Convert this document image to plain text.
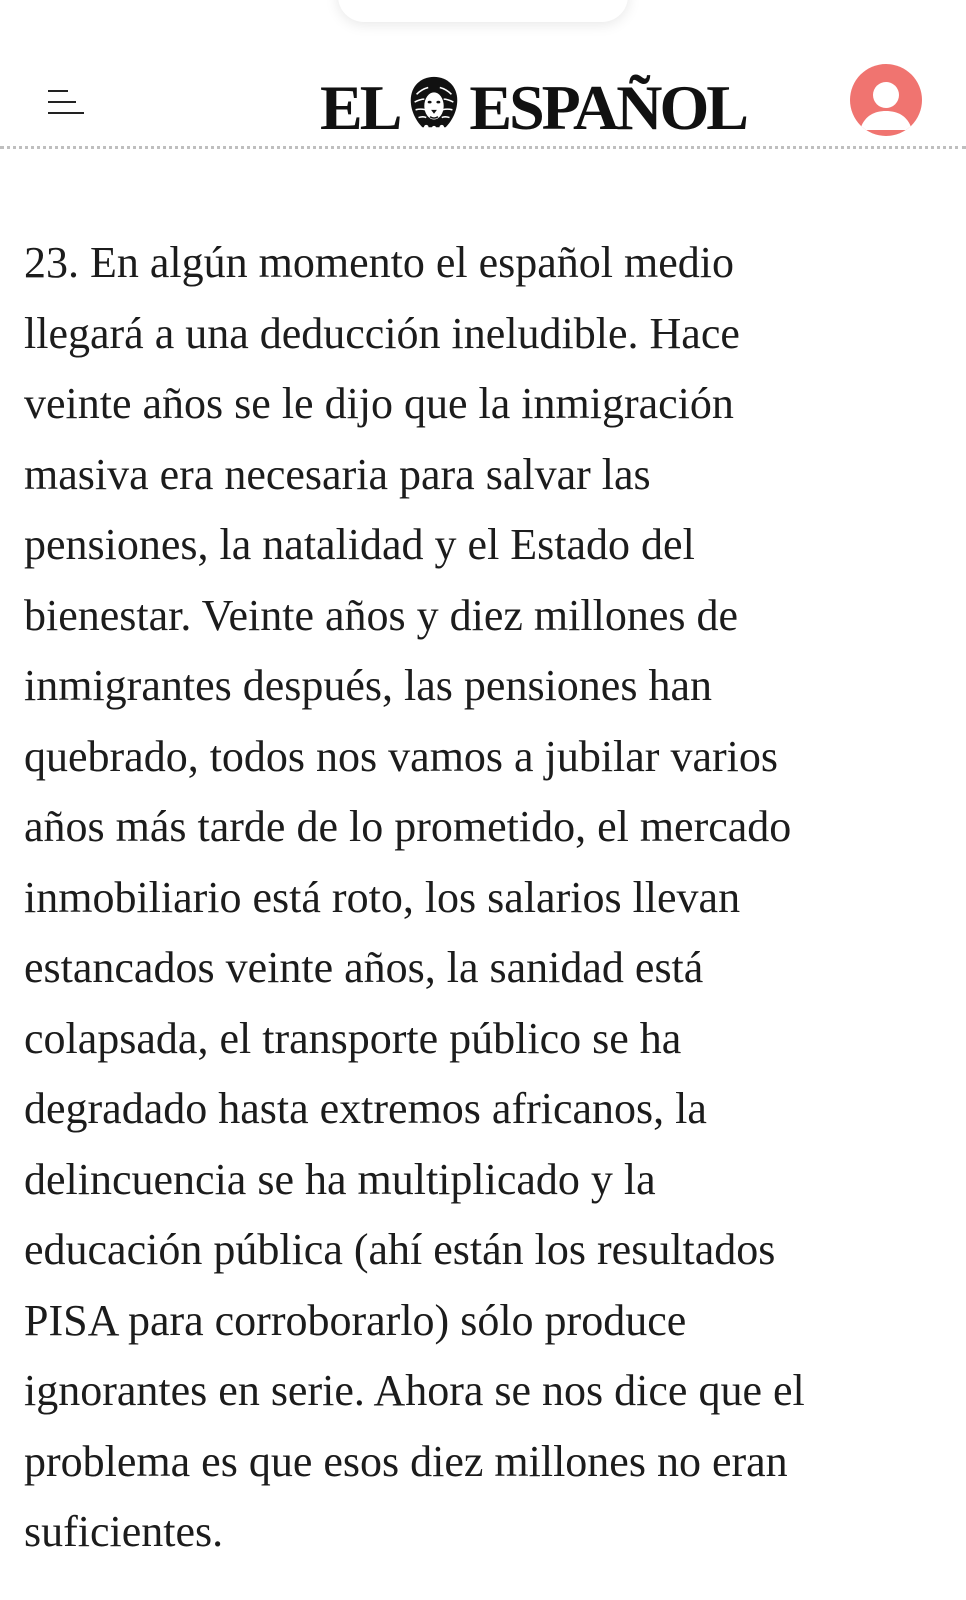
EL ESPAÑOL

23. En algún momento el español medio
llegará a una deducción ineludible. Hace
veinte años se le dijo que la inmigración
masiva era necesaria para salvar las
pensiones, la natalidad y el Estado del
bienestar. Veinte años y diez millones de
inmigrantes después, las pensiones han
quebrado, todos nos vamos a jubilar varios
años más tarde de lo prometido, el mercado
inmobiliario está roto, los salarios llevan
estancados veinte años, la sanidad está
colapsada, el transporte público se ha
degradado hasta extremos africanos, la
delincuencia se ha multiplicado y la
educación pública (ahí están los resultados
PISA para corroborarlo) sólo produce
ignorantes en serie. Ahora se nos dice que el
problema es que esos diez millones no eran
suficientes.
